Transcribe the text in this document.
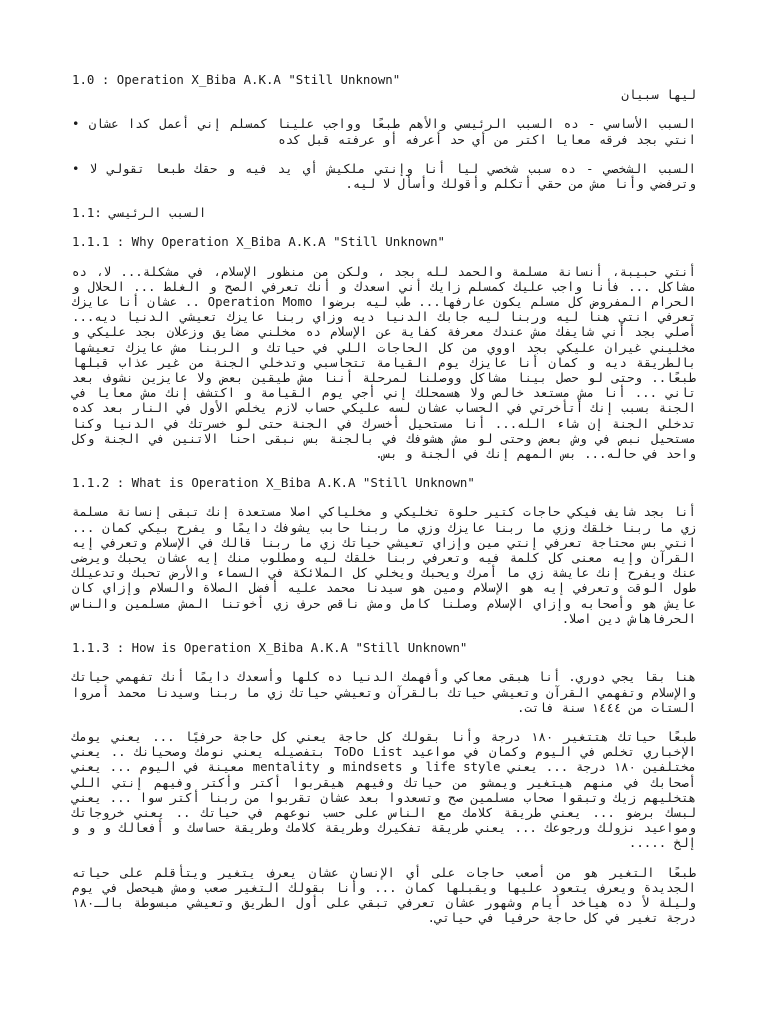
1.0 : Operation X_Biba A.K.A "Still Unknown"
ليها سبيان
السبب الأساسي - ده السبب الرئيسي والأهم طبعًا وواجب علينا كمسلم إني أعمل كدا عشان • انتي بجد فرقه معايا اكتر من أي حد أعرفه أو عرفته قبل كده
السبب الشخصي - ده سبب شخصي ليا أنا وإنتي ملكيش أي يد فيه و حقك طبعا تقولي لا • وترفضي وأنا مش من حقي أتكلم وأقولك وأسأل لا ليه.
1.1: السبب الرئيسي
1.1.1 : Why Operation X_Biba A.K.A "Still Unknown"
أنتي حبيبة، أنسانة مسلمة والحمد لله بجد ، ولكن من منظور الإسلام، في مشكلة... لا، ده مشاكل ... فأنا واجب عليك كمسلم زايك أني اسعدك و أنك تعرفي الصح و الغلط ... الحلال و الحرام المفروض كل مسلم يكون عارفها... طب ليه برضوا Operation Momo .. عشان أنا عايزك تعرفي انتي هنا ليه وربنا ليه جابك الدنيا ديه وزاي ربنا عايزك تعيشي الدنيا ديه... أصلي بجد أني شايفك مش عندك معرفة كفاية عن الإسلام ده مخلني مضايق وزعلان بجد عليكي و مخليني غيران عليكي بجد اووي من كل الحاجات اللي في حياتك و الربنا مش عايزك تعيشها بالطريقة ديه و كمان أنا عايزك يوم القيامة تتحاسبي وتدخلي الجنة من غير عذاب قبلها طبعًا.. وحتى لو حصل بينا مشاكل ووصلنا لمرحلة أننا مش طيقين بعض ولا عايزين نشوف بعد تاني ... أنا مش مستعد خالص ولا هسمحلك إني أجي يوم القيامة و اكتشف إنك مش معايا في الجنة بسبب إنك أتأخرتي في الحساب عشان لسه عليكي حساب لازم يخلص الأول في النار بعد كده تدخلي الجنة إن شاء الله... أنا مستحيل أخسرك في الجنة حتى لو خسرتك في الدنيا وكنا مستحيل نبص في وش بعض وحتى لو مش هشوفك في بالجنة بس نبقى احنا الاتنين في الجنة وكل واحد في حاله... بس المهم إنك في الجنة و بس.
1.1.2 : What is Operation X_Biba A.K.A "Still Unknown"
أنا بجد شايف فيكي حاجات كتير حلوة تخليكي و مخلياكي اصلا مستعدة إنك تبقى إنسانة مسلمة زي ما ربنا خلقك وزي ما ربنا عايزك وزي ما ربنا حابب يشوفك دايمًا و يفرح بيكي كمان ... انتي بس محتاجة تعرفي إنتي مين وإزاي تعيشي حياتك زي ما ربنا قالك في الإسلام وتعرفي إيه القرآن وإيه معنى كل كلمة فيه وتعرفي ربنا خلقك ليه ومطلوب منك إيه عشان يحبك ويرضى عنك ويفرح إنك عايشة زي ما أمرك ويحبك ويخلي كل الملائكة في السماء والأرض تحبك وتدعيلك طول الوقت وتعرفي إيه هو الإسلام ومين هو سيدنا محمد عليه أفضل الصلاة والسلام وإزاي كان عايش هو وأصحابه وإزاي الإسلام وصلنا كامل ومش ناقص حرف زي أخوتنا المش مسلمين والناس الحرفاهاش دين اصلا.
1.1.3 : How is Operation X_Biba A.K.A "Still Unknown"
هنا بقا يجي دوري. أنا هبقى معاكي وأفهمك الدنيا ده كلها وأسعدك دايمًا أنك تفهمي حياتك والإسلام وتفهمي القرآن وتعيشي حياتك بالقرآن وتعيشي حياتك زي ما ربنا وسيدنا محمد أمروا الستات من ١٤٤٤ سنة فاتت.
طبعًا حياتك هتتغير ١٨٠ درجة وأنا بقولك كل حاجة يعني كل حاجة حرفيًا ... يعني يومك الإخباري تخلص في اليوم وكمان في مواعيد ToDo List بتفصيله يعني نومك وصحيانك .. يعني مختلفين ١٨٠ درجة ... يعني life style و mindsets و mentality معينة في اليوم ... يعني أصحابك في منهم هيتغير ويمشو من حياتك وفيهم هيقربوا أكتر وأكتر وفيهم إنتي اللي هتخليهم زيك وتبقوا صحاب مسلمين صح وتسعدوا بعد عشان تقربوا من ربنا أكتر سوا ... يعني لبسك برضو ... يعني طريقة كلامك مع الناس على حسب نوعهم في حياتك .. يعني خروجاتك ومواعيد نزولك ورجوعك ... يعني طريقة تفكيرك وطريقة كلامك وطريقة حساسك و أفعالك و و و إلخ .....
طبعًا التغير هو من أصعب حاجات على أي الإنسان عشان يعرف يتغير ويتأقلم على حياته الجديدة ويعرف يتعود عليها ويقبلها كمان ... وأنا بقولك التغير صعب ومش هيحصل في يوم وليلة لأ ده هياخد أيام وشهور عشان تعرفي تبقي على أول الطريق وتعيشي مبسوطة بالـ١٨٠ درجة تغير في كل حاجة حرفيا في حياتي.
